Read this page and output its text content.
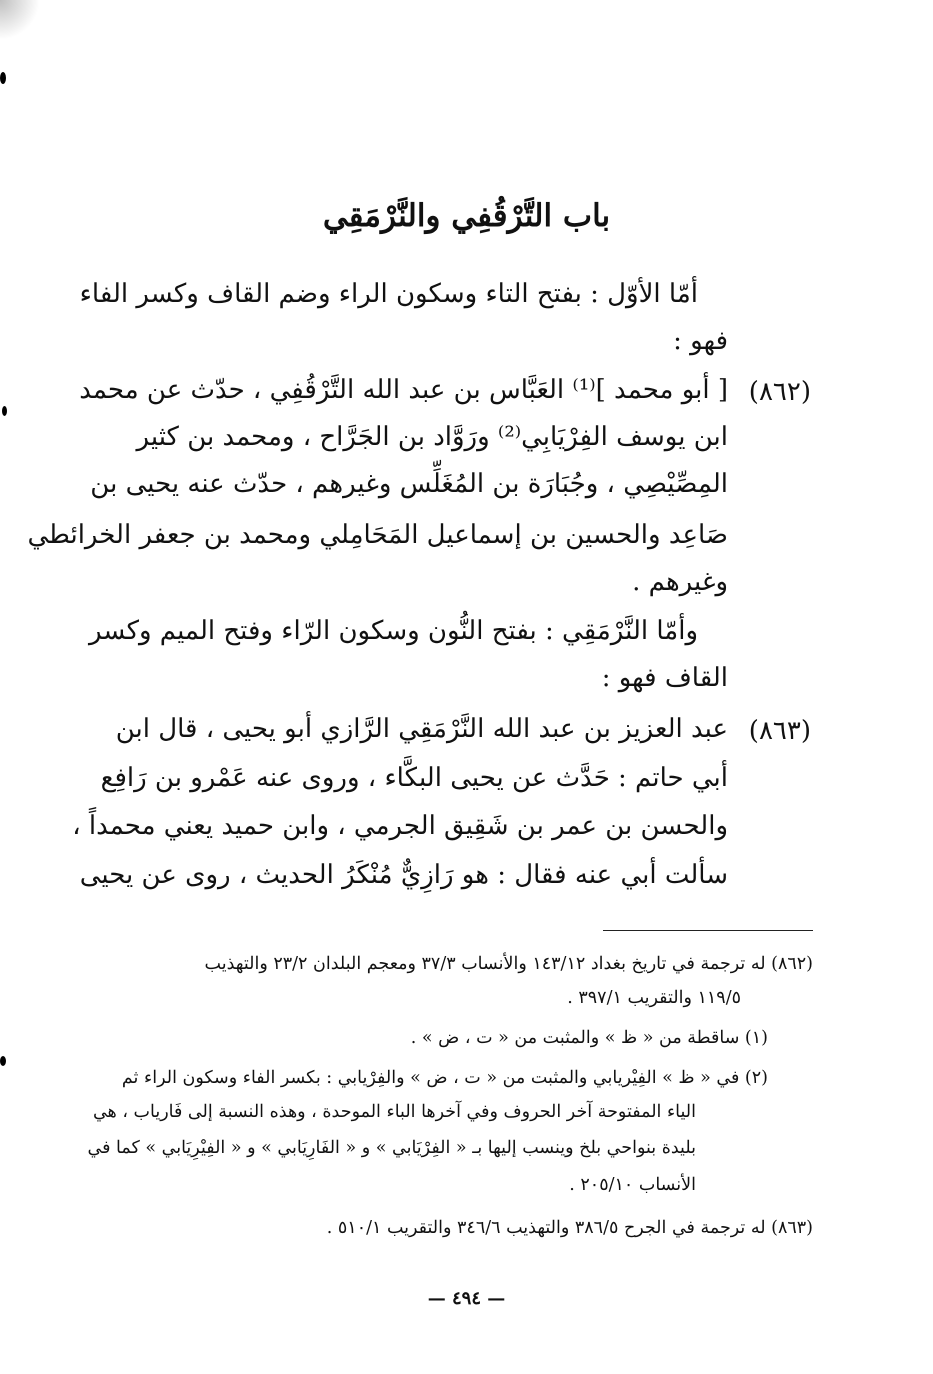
باب التَّرْقُفِي والنَّرْمَقِي
أمّا الأوّل : بفتح التاء وسكون الراء وضم القاف وكسر الفاء
فهو :
(٨٦٢)
[ أبو محمد ]⁽¹⁾ العَبَّاس بن عبد الله التَّرْقُفِي ، حدّث عن محمد
ابن يوسف الفِرْيَابِي⁽²⁾ ورَوَّاد بن الجَرَّاح ، ومحمد بن كثير
المِصِّيْصِي ، وجُبَارَة بن المُغَلِّس وغيرهم ، حدّث عنه يحيى بن
صَاعِد والحسين بن إسماعيل المَحَامِلي ومحمد بن جعفر الخرائطي
وغيرهم .
وأمّا النَّرْمَقِي : بفتح النُّون وسكون الرّاء وفتح الميم وكسر
القاف فهو :
(٨٦٣)
عبد العزيز بن عبد الله النَّرْمَقِي الرَّازي أبو يحيى ، قال ابن
أبي حاتم : حَدَّث عن يحيى البكَّاء ، وروى عنه عَمْرو بن رَافِع
والحسن بن عمر بن شَقِيق الجرمي ، وابن حميد يعني محمداً ،
سألت أبي عنه فقال : هو رَازِيٌّ مُنْكَرُ الحديث ، روى عن يحيى
(٨٦٢) له ترجمة في تاريخ بغداد ١٤٣/١٢ والأنساب ٣٧/٣ ومعجم البلدان ٢٣/٢ والتهذيب
١١٩/٥ والتقريب ٣٩٧/١ .
(١) ساقطة من « ظ » والمثبت من « ت ، ض » .
(٢) في « ظ » الفِيْريابي والمثبت من « ت ، ض » والفِرْيابي : بكسر الفاء وسكون الراء ثم
الياء المفتوحة آخر الحروف وفي آخرها الباء الموحدة ، وهذه النسبة إلى فَارياب ، هي
بليدة بنواحي بلخ وينسب إليها بـ « الفِرْيَابي » و « الفَارِيَابي » و « الفِيْرِيَابي » كما في
الأنساب ٢٠٥/١٠ .
(٨٦٣) له ترجمة في الجرح ٣٨٦/٥ والتهذيب ٣٤٦/٦ والتقريب ٥١٠/١ .
— ٤٩٤ —
